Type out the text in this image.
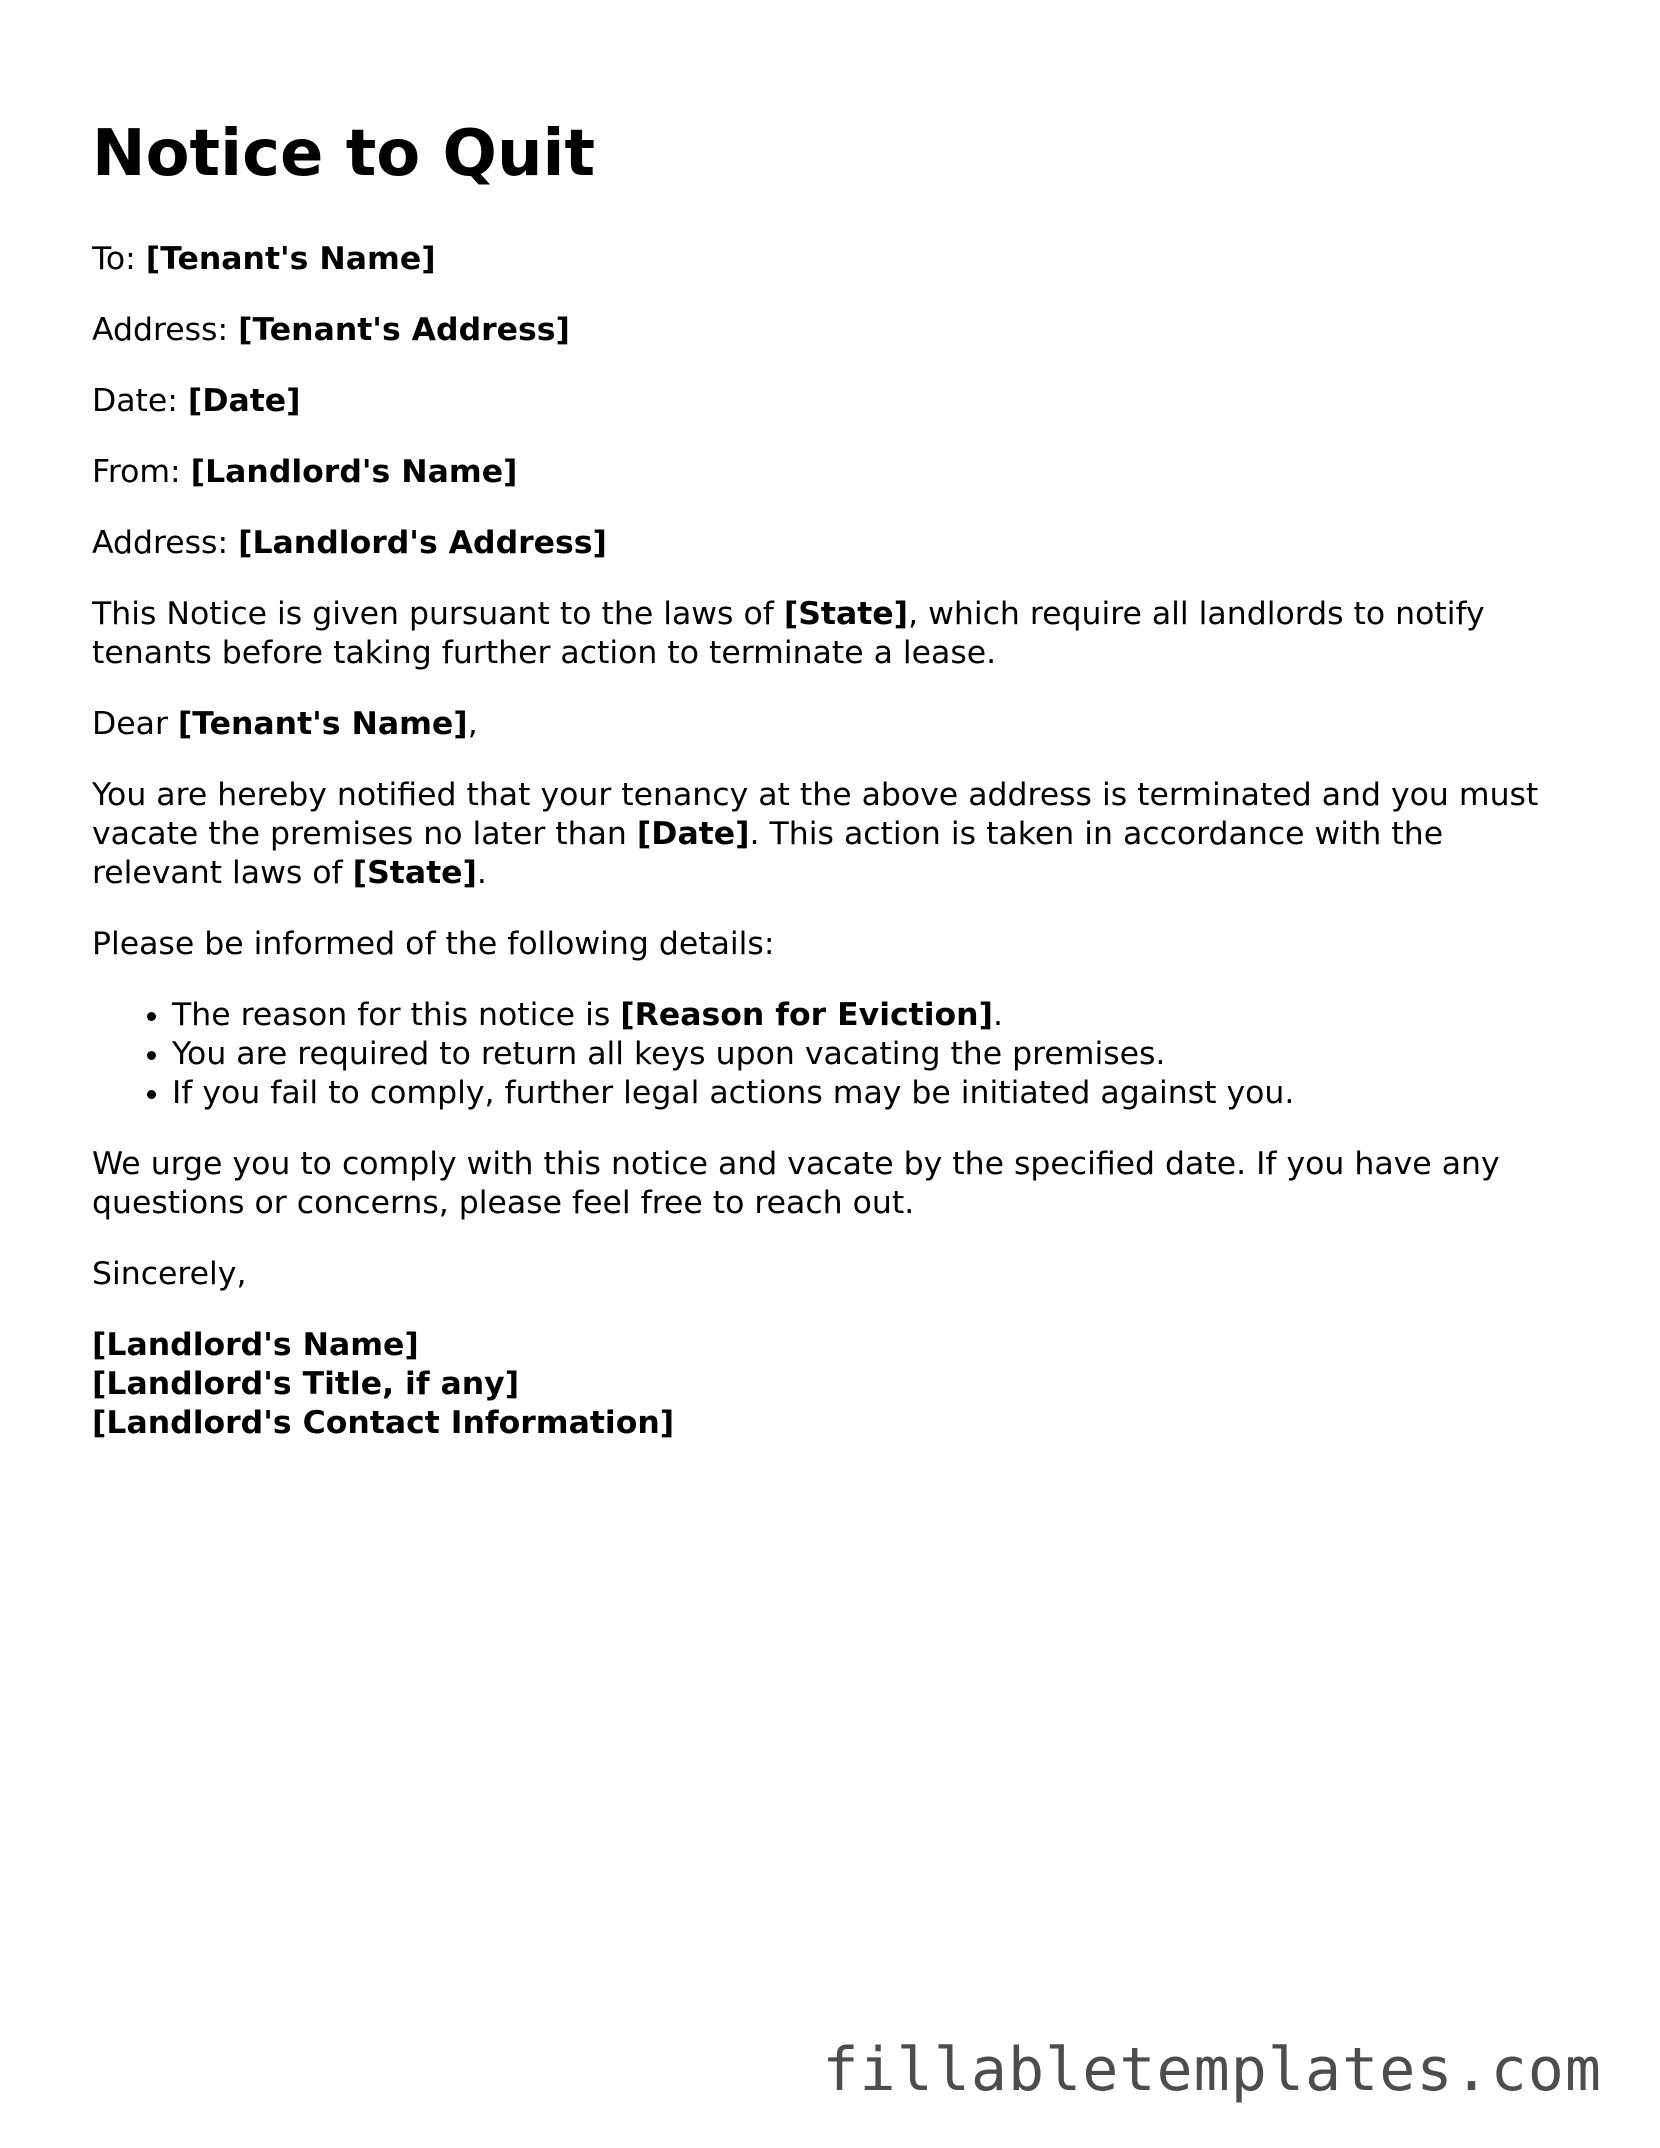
Notice to Quit

To: [Tenant's Name]

Address: [Tenant's Address]

Date: [Date]

From: [Landlord's Name]

Address: [Landlord's Address]

This Notice is given pursuant to the laws of [State], which require all landlords to notify tenants before taking further action to terminate a lease.

Dear [Tenant's Name],

You are hereby notified that your tenancy at the above address is terminated and you must vacate the premises no later than [Date]. This action is taken in accordance with the relevant laws of [State].

Please be informed of the following details:

• The reason for this notice is [Reason for Eviction].
• You are required to return all keys upon vacating the premises.
• If you fail to comply, further legal actions may be initiated against you.

We urge you to comply with this notice and vacate by the specified date. If you have any questions or concerns, please feel free to reach out.

Sincerely,

[Landlord's Name]
[Landlord's Title, if any]
[Landlord's Contact Information]

fillabletemplates.com
